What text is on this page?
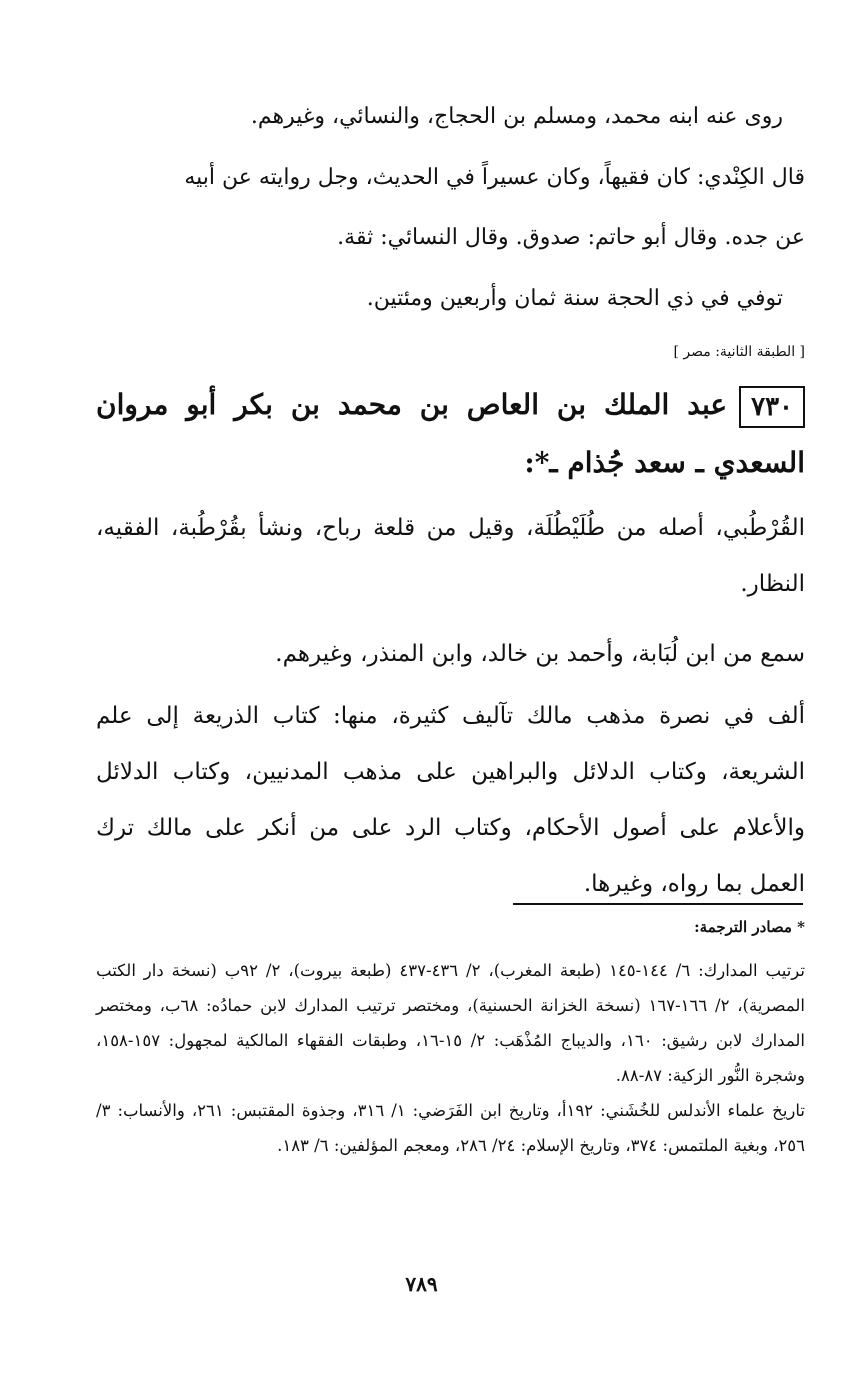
روى عنه ابنه محمد، ومسلم بن الحجاج، والنسائي، وغيرهم.
قال الكِنْدي: كان فقيهاً، وكان عسيراً في الحديث، وجل روايته عن أبيه
عن جده. وقال أبو حاتم: صدوق. وقال النسائي: ثقة.
توفي في ذي الحجة سنة ثمان وأربعين ومئتين.
[ الطبقة الثانية: مصر ]
٧٣٠عبد الملك بن العاص بن محمد بن بكر أبو مروان السعدي ـ سعد جُذام ـ*:
القُرْطُبي، أصله من طُلَيْطُلَة، وقيل من قلعة رباح، ونشأ بقُرْطُبة، الفقيه، النظار.
سمع من ابن لُبَابة، وأحمد بن خالد، وابن المنذر، وغيرهم.
ألف في نصرة مذهب مالك تآليف كثيرة، منها: كتاب الذريعة إلى علم الشريعة، وكتاب الدلائل والبراهين على مذهب المدنيين، وكتاب الدلائل والأعلام على أصول الأحكام، وكتاب الرد على من أنكر على مالك ترك العمل بما رواه، وغيرها.
* مصادر الترجمة:
ترتيب المدارك: ٦/ ١٤٤-١٤٥ (طبعة المغرب)، ٢/ ٤٣٦-٤٣٧ (طبعة بيروت)، ٢/ ٩٢ب (نسخة دار الكتب المصرية)، ٢/ ١٦٦-١٦٧ (نسخة الخزانة الحسنية)، ومختصر ترتيب المدارك لابن حمادُه: ٦٨ب، ومختصر المدارك لابن رشيق: ١٦٠، والديباج المُذْهَب: ٢/ ١٥-١٦، وطبقات الفقهاء المالكية لمجهول: ١٥٧-١٥٨، وشجرة النُّور الزكية: ٨٧-٨٨.
تاريخ علماء الأندلس للخُشَني: ١٩٢أ، وتاريخ ابن الفَرَضي: ١/ ٣١٦، وجذوة المقتبس: ٢٦١، والأنساب: ٣/ ٢٥٦، وبغية الملتمس: ٣٧٤، وتاريخ الإسلام: ٢٤/ ٢٨٦، ومعجم المؤلفين: ٦/ ١٨٣.
٧٨٩
